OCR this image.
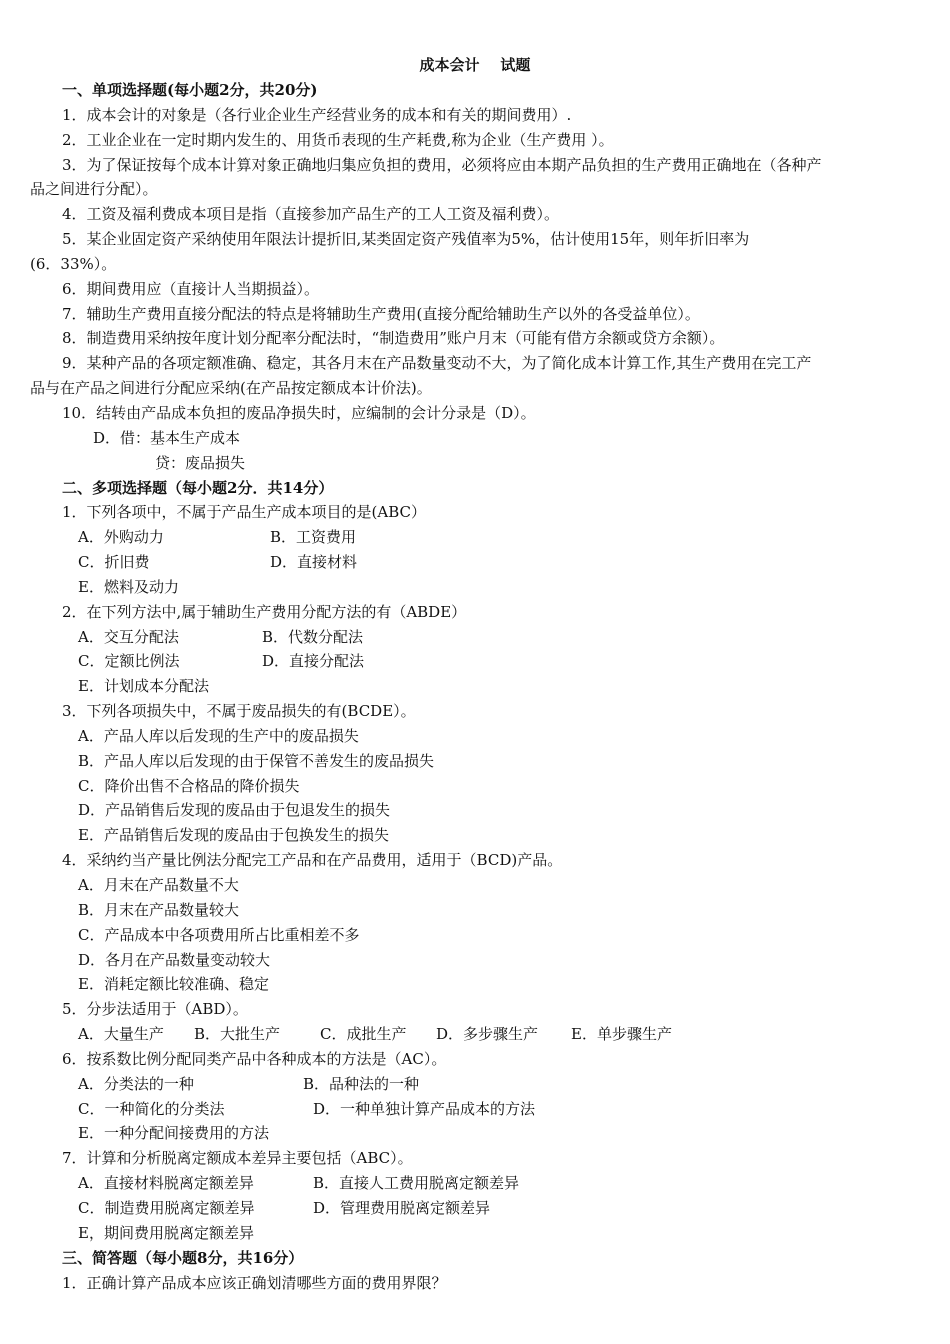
成本会计    试题
一、单项选择题(每小题2分，共20分)
1．成本会计的对象是（各行业企业生产经营业务的成本和有关的期间费用）.
2．工业企业在一定时期内发生的、用货币表现的生产耗费,称为企业（生产费用 ）。
3．为了保证按每个成本计算对象正确地归集应负担的费用，必须将应由本期产品负担的生产费用正确地在（各种产
品之间进行分配）。
4．工资及福利费成本项目是指（直接参加产品生产的工人工资及福利费）。
5．某企业固定资产采纳使用年限法计提折旧,某类固定资产残值率为5%，估计使用15年，则年折旧率为
(6．33%）。
6．期间费用应（直接计人当期损益）。
7．辅助生产费用直接分配法的特点是将辅助生产费用(直接分配给辅助生产以外的各受益单位）。
8．制造费用采纳按年度计划分配率分配法时，“制造费用”账户月末（可能有借方余额或贷方余额）。
9．某种产品的各项定额准确、稳定，其各月末在产品数量变动不大，为了简化成本计算工作,其生产费用在完工产
品与在产品之间进行分配应采纳(在产品按定额成本计价法)。
10．结转由产品成本负担的废品净损失时，应编制的会计分录是（D）。
D．借：基本生产成本
贷：废品损失
二、多项选择题（每小题2分．共14分）
1．下列各项中，不属于产品生产成本项目的是(ABC）
A．外购动力	B．工资费用
C．折旧费	D．直接材料
E．燃料及动力
2．在下列方法中,属于辅助生产费用分配方法的有（ABDE）
A．交互分配法	B．代数分配法
C．定额比例法	D．直接分配法
E．计划成本分配法
3．下列各项损失中，不属于废品损失的有(BCDE）。
A．产品人库以后发现的生产中的废品损失
B．产品人库以后发现的由于保管不善发生的废品损失
C．降价出售不合格品的降价损失
D．产品销售后发现的废品由于包退发生的损失
E．产品销售后发现的废品由于包换发生的损失
4．采纳约当产量比例法分配完工产品和在产品费用，适用于（BCD)产品。
A．月末在产品数量不大
B．月末在产品数量较大
C．产品成本中各项费用所占比重相差不多
D．各月在产品数量变动较大
E．消耗定额比较准确、稳定
5．分步法适用于（ABD）。
A．大量生产 B．大批生产	C．成批生产 D．多步骤生产 E．单步骤生产
6．按系数比例分配同类产品中各种成本的方法是（AC）。
A．分类法的一种	B．品种法的一种
C．一种简化的分类法	D．一种单独计算产品成本的方法
E．一种分配间接费用的方法
7．计算和分析脱离定额成本差异主要包括（ABC）。
A．直接材料脱离定额差异	B．直接人工费用脱离定额差异
C．制造费用脱离定额差异	D．管理费用脱离定额差异
E，期间费用脱离定额差异
三、简答题（每小题8分，共16分）
1．正确计算产品成本应该正确划清哪些方面的费用界限？
